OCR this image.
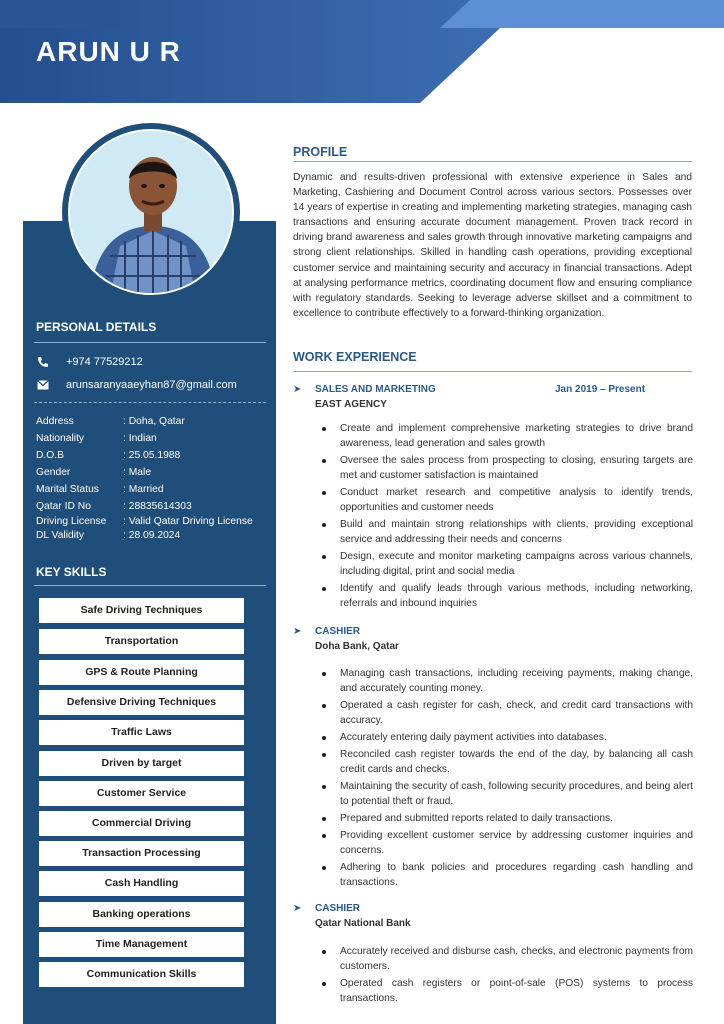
ARUN U R
PERSONAL DETAILS
+974 77529212
arunsaranyaaeyhan87@gmail.com
Address	: Doha, Qatar
Nationality	: Indian
D.O.B	: 25.05.1988
Gender	: Male
Marital Status	: Married
Qatar ID No	: 28835614303
Driving License	: Valid Qatar Driving License
DL Validity	: 28.09.2024
KEY SKILLS
Safe Driving Techniques
Transportation
GPS & Route Planning
Defensive Driving Techniques
Traffic Laws
Driven by target
Customer Service
Commercial Driving
Transaction Processing
Cash Handling
Banking operations
Time Management
Communication Skills
PROFILE
Dynamic and results-driven professional with extensive experience in Sales and Marketing, Cashiering and Document Control across various sectors. Possesses over 14 years of expertise in creating and implementing marketing strategies, managing cash transactions and ensuring accurate document management. Proven track record in driving brand awareness and sales growth through innovative marketing campaigns and strong client relationships. Skilled in handling cash operations, providing exceptional customer service and maintaining security and accuracy in financial transactions. Adept at analysing performance metrics, coordinating document flow and ensuring compliance with regulatory standards. Seeking to leverage adverse skillset and a commitment to excellence to contribute effectively to a forward-thinking organization.
WORK EXPERIENCE
➤ SALES AND MARKETING	Jan 2019 – Present
EAST AGENCY
Create and implement comprehensive marketing strategies to drive brand awareness, lead generation and sales growth
Oversee the sales process from prospecting to closing, ensuring targets are met and customer satisfaction is maintained
Conduct market research and competitive analysis to identify trends, opportunities and customer needs
Build and maintain strong relationships with clients, providing exceptional service and addressing their needs and concerns
Design, execute and monitor marketing campaigns across various channels, including digital, print and social media
Identify and qualify leads through various methods, including networking, referrals and inbound inquiries
➤ CASHIER
Doha Bank, Qatar
Managing cash transactions, including receiving payments, making change, and accurately counting money.
Operated a cash register for cash, check, and credit card transactions with accuracy.
Accurately entering daily payment activities into databases.
Reconciled cash register towards the end of the day, by balancing all cash credit cards and checks.
Maintaining the security of cash, following security procedures, and being alert to potential theft or fraud.
Prepared and submitted reports related to daily transactions.
Providing excellent customer service by addressing customer inquiries and concerns.
Adhering to bank policies and procedures regarding cash handling and transactions.
➤ CASHIER
Qatar National Bank
Accurately received and disburse cash, checks, and electronic payments from customers.
Operated cash registers or point-of-sale (POS) systems to process transactions.
